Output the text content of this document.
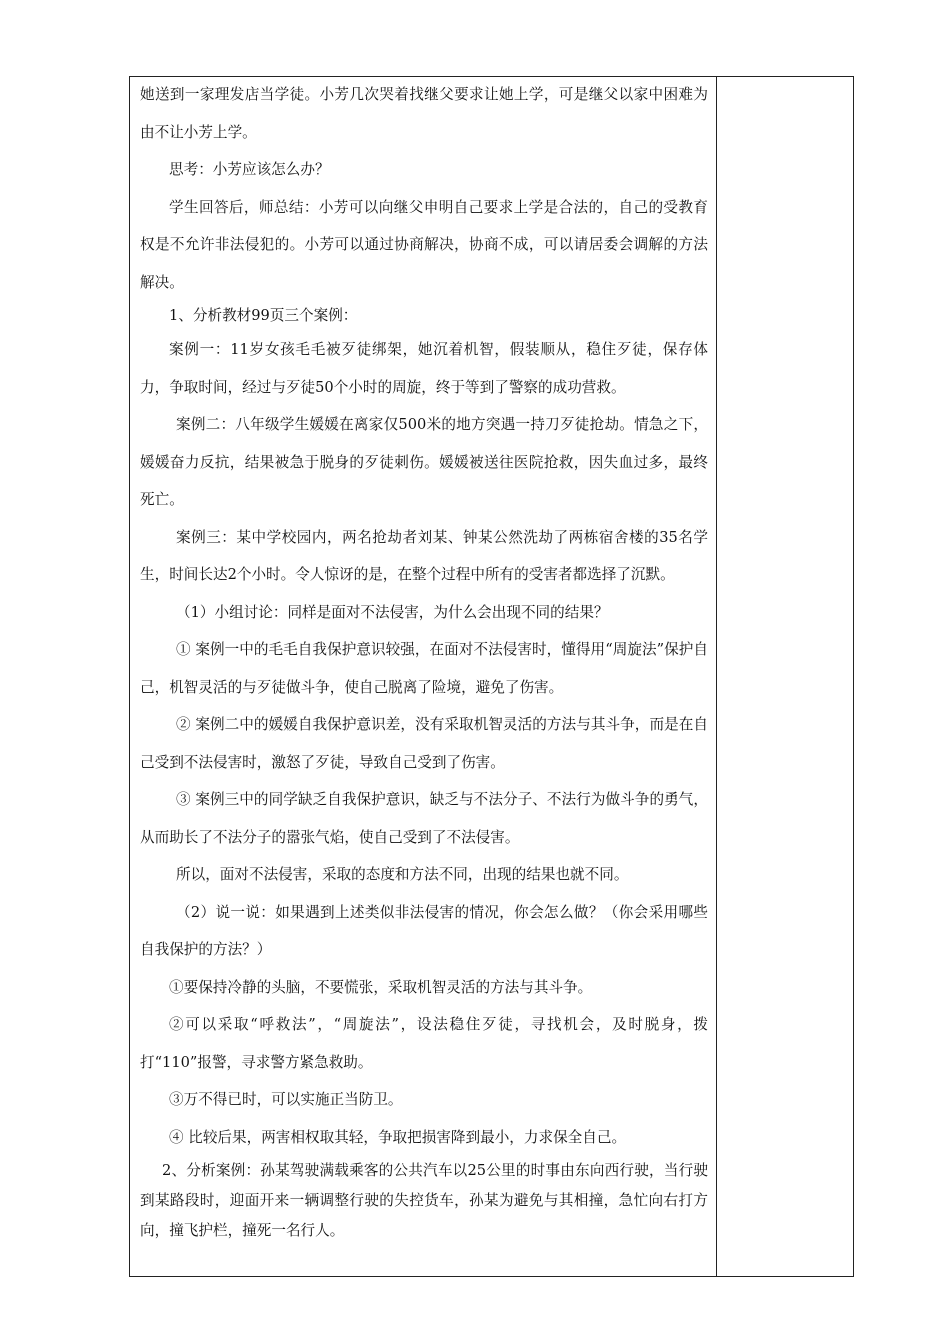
她送到一家理发店当学徒。小芳几次哭着找继父要求让她上学，可是继父以家中困难为由不让小芳上学。

思考：小芳应该怎么办？

学生回答后，师总结：小芳可以向继父申明自己要求上学是合法的，自己的受教育权是不允许非法侵犯的。小芳可以通过协商解决，协商不成，可以请居委会调解的方法解决。

1、分析教材99页三个案例：

案例一：11岁女孩毛毛被歹徒绑架，她沉着机智，假装顺从，稳住歹徒，保存体力，争取时间，经过与歹徒50个小时的周旋，终于等到了警察的成功营救。

案例二：八年级学生媛媛在离家仅500米的地方突遇一持刀歹徒抢劫。情急之下，媛媛奋力反抗，结果被急于脱身的歹徒刺伤。媛媛被送往医院抢救，因失血过多，最终死亡。

案例三：某中学校园内，两名抢劫者刘某、钟某公然洗劫了两栋宿舍楼的35名学生，时间长达2个小时。令人惊讶的是，在整个过程中所有的受害者都选择了沉默。

（1）小组讨论：同样是面对不法侵害，为什么会出现不同的结果？

① 案例一中的毛毛自我保护意识较强，在面对不法侵害时，懂得用“周旋法”保护自己，机智灵活的与歹徒做斗争，使自己脱离了险境，避免了伤害。

② 案例二中的媛媛自我保护意识差，没有采取机智灵活的方法与其斗争，而是在自己受到不法侵害时，激怒了歹徒，导致自己受到了伤害。

③ 案例三中的同学缺乏自我保护意识，缺乏与不法分子、不法行为做斗争的勇气，从而助长了不法分子的嚣张气焰，使自己受到了不法侵害。

所以，面对不法侵害，采取的态度和方法不同，出现的结果也就不同。

（2）说一说：如果遇到上述类似非法侵害的情况，你会怎么做？（你会采用哪些自我保护的方法？）

①要保持冷静的头脑，不要慌张，采取机智灵活的方法与其斗争。

②可以采取“呼救法”，“周旋法”，设法稳住歹徒，寻找机会，及时脱身，拨打“110”报警，寻求警方紧急救助。

③万不得已时，可以实施正当防卫。

④ 比较后果，两害相权取其轻，争取把损害降到最小，力求保全自己。

2、分析案例：孙某驾驶满载乘客的公共汽车以25公里的时事由东向西行驶，当行驶到某路段时，迎面开来一辆调整行驶的失控货车，孙某为避免与其相撞，急忙向右打方向，撞飞护栏，撞死一名行人。
